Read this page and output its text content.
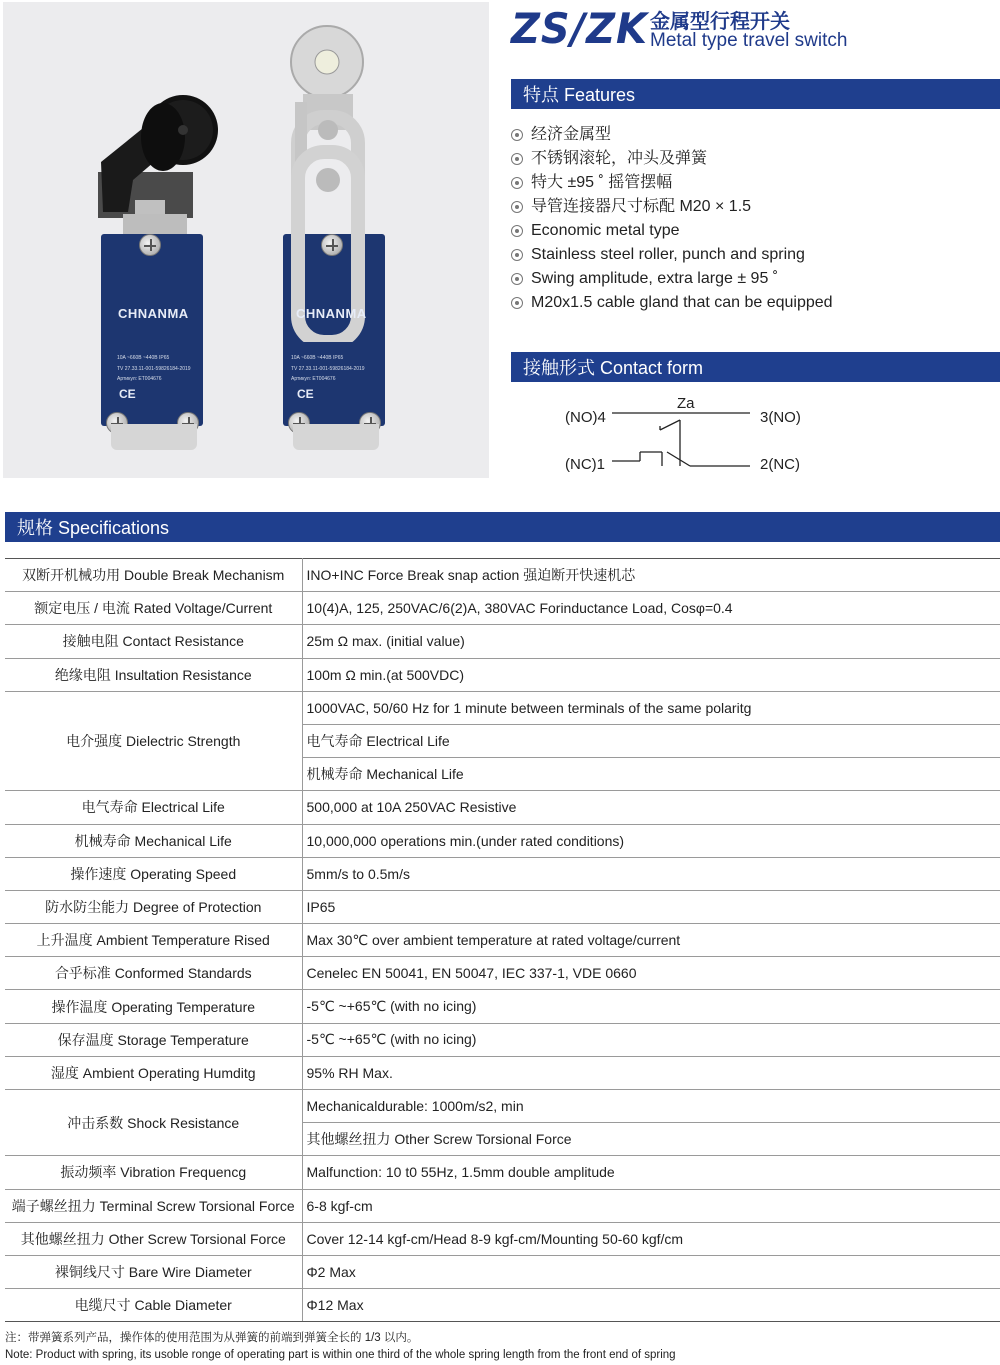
CHNANMA
10A ~660B ~440B IP65
TV 27.33.11-001-59826184-2019
Артикул: ET004676
CE
CHNANMA
10A ~660B ~440B IP65
TV 27.33.11-001-59826184-2019
Артикул: ET004676
CE
ZS/ZK 金属型行程开关
Metal type travel switch
特点 Features
经济金属型
不锈钢滚轮，冲头及弹簧
特大 ±95 ˚ 摇管摆幅
导管连接器尺寸标配 M20 × 1.5
Economic metal type
Stainless steel roller, punch and spring
Swing amplitude, extra large ± 95 ˚
M20x1.5 cable gland that can be equipped
接触形式 Contact form
Za
(NO)4	3(NO)
(NC)1	2(NC)
规格 Specifications
双断开机械功用 Double Break Mechanism	INO+INC Force Break snap action 强迫断开快速机芯
额定电压 / 电流 Rated Voltage/Current	10(4)A, 125, 250VAC/6(2)A, 380VAC Forinductance Load, Cosφ=0.4
接触电阻 Contact Resistance	25m Ω max. (initial value)
绝缘电阻 Insultation Resistance	100m Ω min.(at 500VDC)
电介强度 Dielectric Strength	1000VAC, 50/60 Hz for 1 minute between terminals of the same polaritg
	电气寿命 Electrical Life
	机械寿命 Mechanical Life
电气寿命 Electrical Life	500,000 at 10A 250VAC Resistive
机械寿命 Mechanical Life	10,000,000 operations min.(under rated conditions)
操作速度 Operating Speed	5mm/s to 0.5m/s
防水防尘能力 Degree of Protection	IP65
上升温度 Ambient Temperature Rised	Max 30℃ over ambient temperature at rated voltage/current
合乎标准 Conformed Standards	Cenelec EN 50041, EN 50047, IEC 337-1, VDE 0660
操作温度 Operating Temperature	-5℃ ~+65℃ (with no icing)
保存温度 Storage Temperature	-5℃ ~+65℃ (with no icing)
湿度 Ambient Operating Humditg	95% RH Max.
冲击系数 Shock Resistance	Mechanicaldurable: 1000m/s2, min
	其他螺丝扭力 Other Screw Torsional Force
振动频率 Vibration Frequencg	Malfunction: 10 t0 55Hz, 1.5mm double amplitude
端子螺丝扭力 Terminal Screw Torsional Force	6-8 kgf-cm
其他螺丝扭力 Other Screw Torsional Force	Cover 12-14 kgf-cm/Head 8-9 kgf-cm/Mounting 50-60 kgf/cm
裸铜线尺寸 Bare Wire Diameter	Φ2 Max
电缆尺寸 Cable Diameter	Φ12 Max
注：带弹簧系列产品，操作体的使用范围为从弹簧的前端到弹簧全长的 1/3 以内。
Note: Product with spring, its usoble ronge of operating part is within one third of the whole spring length from the front end of spring
